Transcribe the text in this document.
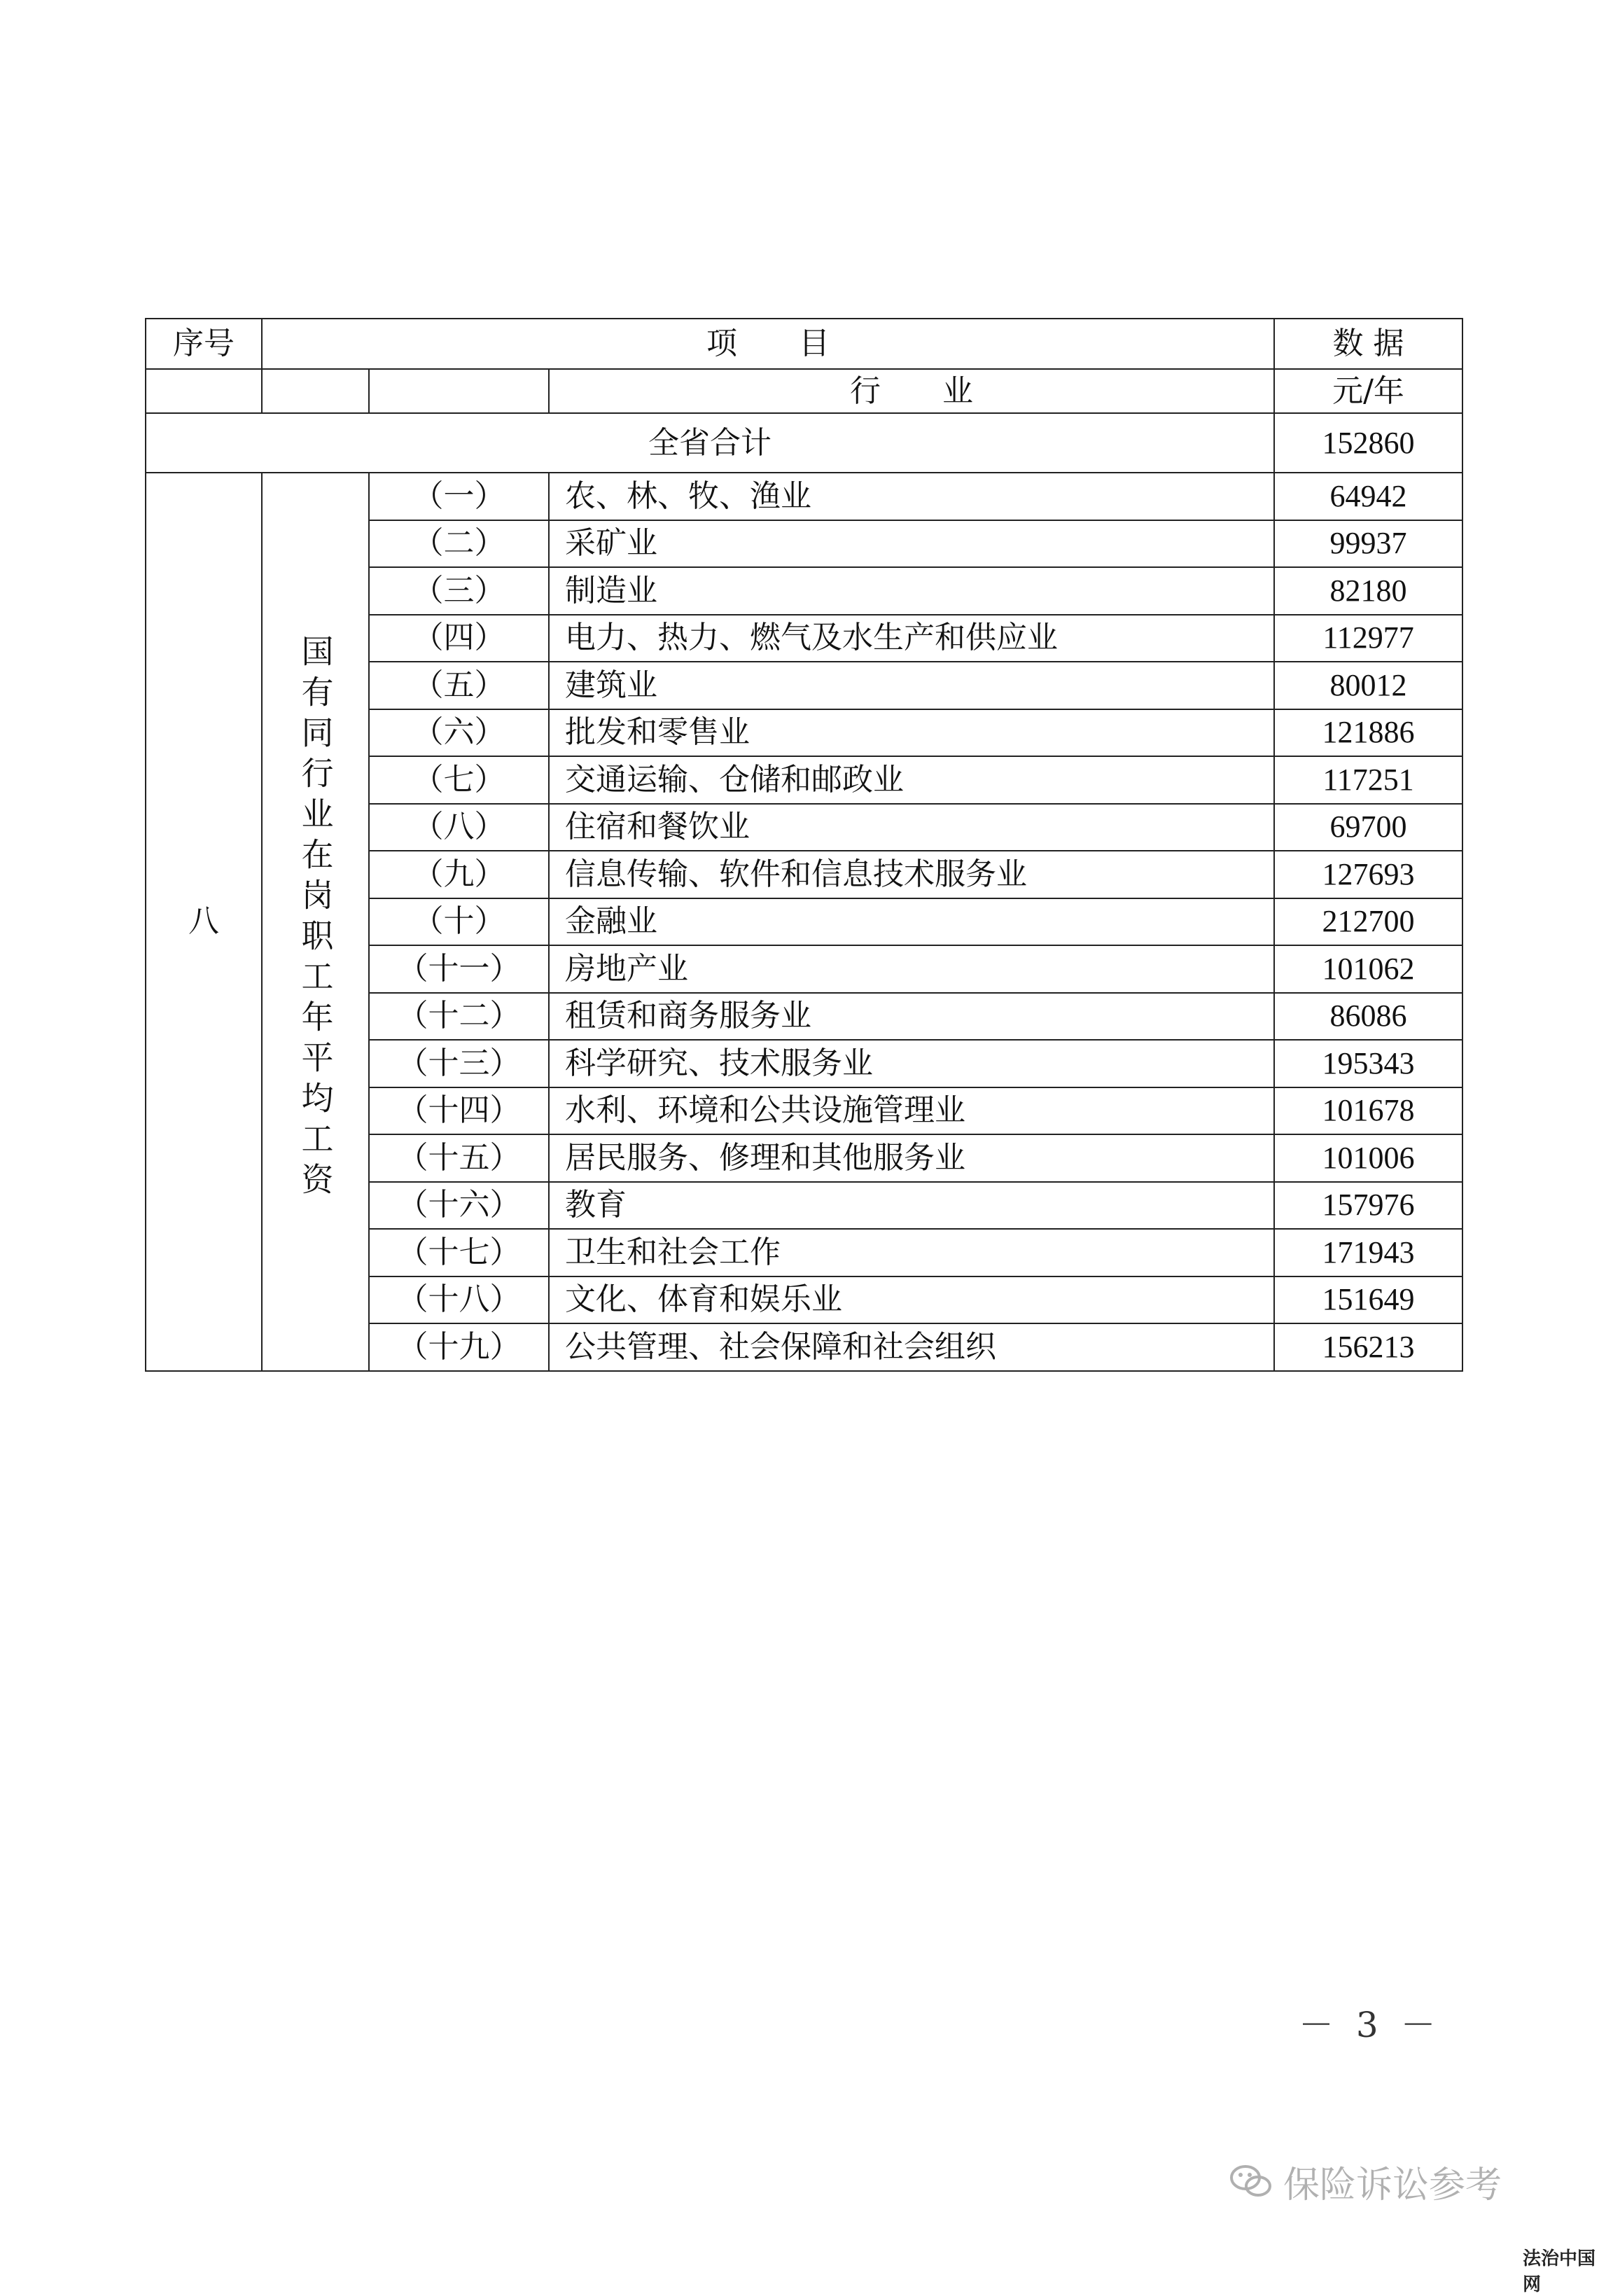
序号	项　　目			数 据
			行　　业	元/年
全省合计				152860
八	国有同行业在岗职工年平均工资	（一）	农、林、牧、渔业	64942
		（二）	采矿业	99937
		（三）	制造业	82180
		（四）	电力、热力、燃气及水生产和供应业	112977
		（五）	建筑业	80012
		（六）	批发和零售业	121886
		（七）	交通运输、仓储和邮政业	117251
		（八）	住宿和餐饮业	69700
		（九）	信息传输、软件和信息技术服务业	127693
		（十）	金融业	212700
		（十一）	房地产业	101062
		（十二）	租赁和商务服务业	86086
		（十三）	科学研究、技术服务业	195343
		（十四）	水利、环境和公共设施管理业	101678
		（十五）	居民服务、修理和其他服务业	101006
		（十六）	教育	157976
		（十七）	卫生和社会工作	171943
		（十八）	文化、体育和娱乐业	151649
		（十九）	公共管理、社会保障和社会组织	156213
－ 3 －
保险诉讼参考
法治中国网
